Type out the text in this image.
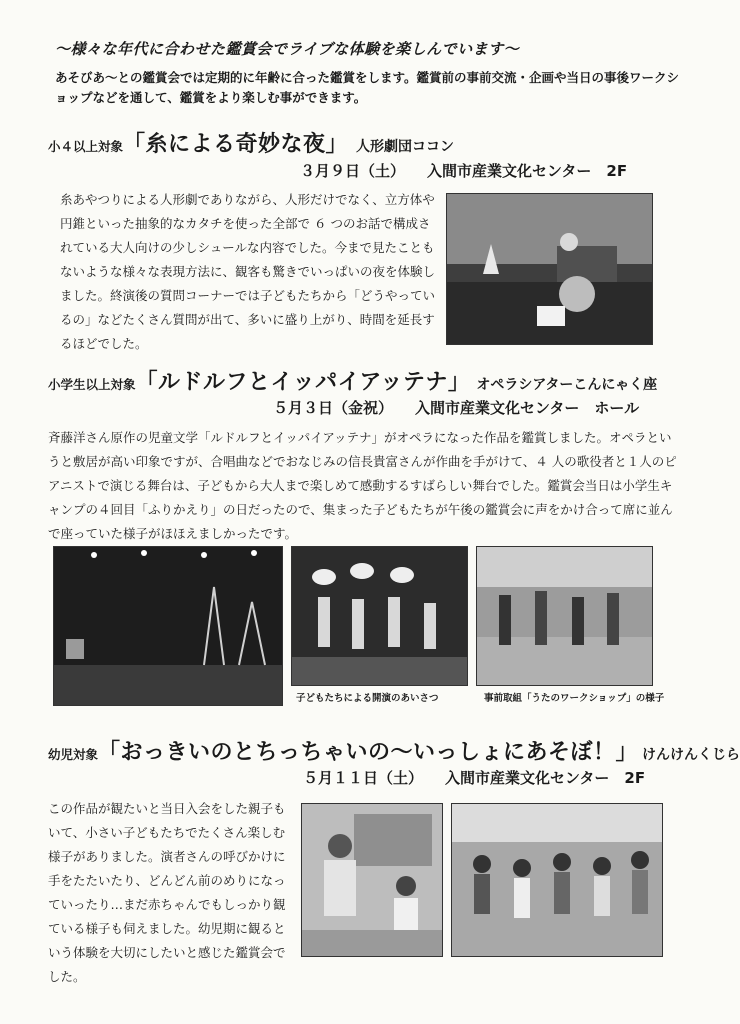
〜様々な年代に合わせた鑑賞会でライブな体験を楽しんでいます〜
あそびあ〜との鑑賞会では定期的に年齢に合った鑑賞をします。鑑賞前の事前交流・企画や当日の事後ワークショップなどを通して、鑑賞をより楽しむ事ができます。
小４以上対象「糸による奇妙な夜」 人形劇団ココン
３月９日（土） 入間市産業文化センター　2F
糸あやつりによる人形劇でありながら、人形だけでなく、立方体や円錐といった抽象的なカタチを使った全部で ６ つのお話で構成されている大人向けの少しシュールな内容でした。今まで見たこともないような様々な表現方法に、観客も驚きでいっぱいの夜を体験しました。終演後の質問コーナーでは子どもたちから「どうやっているの」などたくさん質問が出て、多いに盛り上がり、時間を延長するほどでした。
小学生以上対象「ルドルフとイッパイアッテナ」 オペラシアターこんにゃく座
５月３日（金祝） 入間市産業文化センター　ホール
斉藤洋さん原作の児童文学「ルドルフとイッパイアッテナ」がオペラになった作品を鑑賞しました。オペラというと敷居が高い印象ですが、合唱曲などでおなじみの信長貴富さんが作曲を手がけて、４ 人の歌役者と１人のピアニストで演じる舞台は、子どもから大人まで楽しめて感動するすばらしい舞台でした。鑑賞会当日は小学生キャンプの４回目「ふりかえり」の日だったので、集まった子どもたちが午後の鑑賞会に声をかけ合って席に並んで座っていた様子がほほえましかったです。
子どもたちによる開演のあいさつ	事前取組「うたのワークショップ」の様子
幼児対象「おっきいのとちっちゃいの〜いっしょにあそぼ！」 けんけんくじら
５月１１日（土） 入間市産業文化センター　2F
この作品が観たいと当日入会をした親子もいて、小さい子どもたちでたくさん楽しむ様子がありました。演者さんの呼びかけに手をたたいたり、どんどん前のめりになっていったり…まだ赤ちゃんでもしっかり観ている様子も伺えました。幼児期に観るという体験を大切にしたいと感じた鑑賞会でした。
